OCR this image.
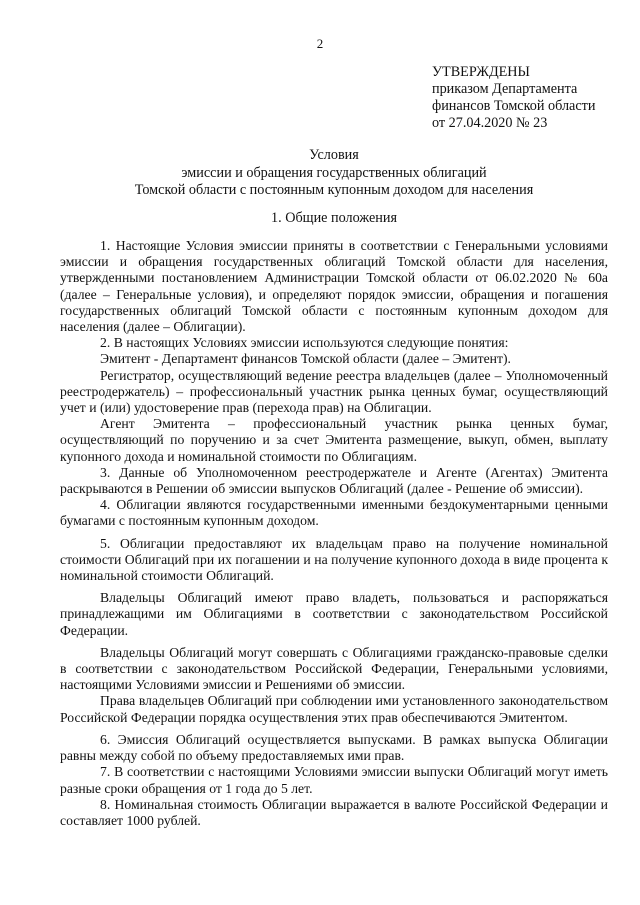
2
УТВЕРЖДЕНЫ
приказом Департамента
финансов Томской области
от 27.04.2020 № 23
Условия
эмиссии и обращения государственных облигаций
Томской области с постоянным купонным доходом для населения
1. Общие положения

1. Настоящие Условия эмиссии приняты в соответствии с Генеральными условиями эмиссии и обращения государственных облигаций Томской области для населения, утвержденными постановлением Администрации Томской области от 06.02.2020 № 60а (далее – Генеральные условия), и определяют порядок эмиссии, обращения и погашения государственных облигаций Томской области с постоянным купонным доходом для населения (далее – Облигации).

2. В настоящих Условиях эмиссии используются следующие понятия:

Эмитент - Департамент финансов Томской области (далее – Эмитент).

Регистратор, осуществляющий ведение реестра владельцев (далее – Уполномоченный реестродержатель) – профессиональный участник рынка ценных бумаг, осуществляющий учет и (или) удостоверение прав (перехода прав) на Облигации.

Агент Эмитента – профессиональный участник рынка ценных бумаг, осуществляющий по поручению и за счет Эмитента размещение, выкуп, обмен, выплату купонного дохода и номинальной стоимости по Облигациям.

3. Данные об Уполномоченном реестродержателе и Агенте (Агентах) Эмитента раскрываются в Решении об эмиссии выпусков Облигаций (далее - Решение об эмиссии).

4. Облигации являются государственными именными бездокументарными ценными бумагами с постоянным купонным доходом.

5. Облигации предоставляют их владельцам право на получение номинальной стоимости Облигаций при их погашении и на получение купонного дохода в виде процента к номинальной стоимости Облигаций.

Владельцы Облигаций имеют право владеть, пользоваться и распоряжаться принадлежащими им Облигациями в соответствии с законодательством Российской Федерации.

Владельцы Облигаций могут совершать с Облигациями гражданско-правовые сделки в соответствии с законодательством Российской Федерации, Генеральными условиями, настоящими Условиями эмиссии и Решениями об эмиссии.

Права владельцев Облигаций при соблюдении ими установленного законодательством Российской Федерации порядка осуществления этих прав обеспечиваются Эмитентом.

6. Эмиссия Облигаций осуществляется выпусками. В рамках выпуска Облигации равны между собой по объему предоставляемых ими прав.

7. В соответствии с настоящими Условиями эмиссии выпуски Облигаций могут иметь разные сроки обращения от 1 года до 5 лет.

8. Номинальная стоимость Облигации выражается в валюте Российской Федерации и составляет 1000 рублей.
